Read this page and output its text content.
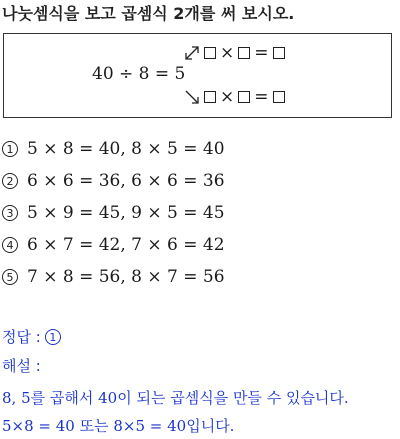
나눗셈식을 보고 곱셈식 2개를 써 보시오.
40 ÷ 8 = 5
× =
× =
1 5 × 8 = 40, 8 × 5 = 40
2 6 × 6 = 36, 6 × 6 = 36
3 5 × 9 = 45, 9 × 5 = 45
4 6 × 7 = 42, 7 × 6 = 42
5 7 × 8 = 56, 8 × 7 = 56
정답 : 1
해설 :
8, 5를 곱해서 40이 되는 곱셈식을 만들 수 있습니다.
5×8 = 40 또는 8×5 = 40입니다.
